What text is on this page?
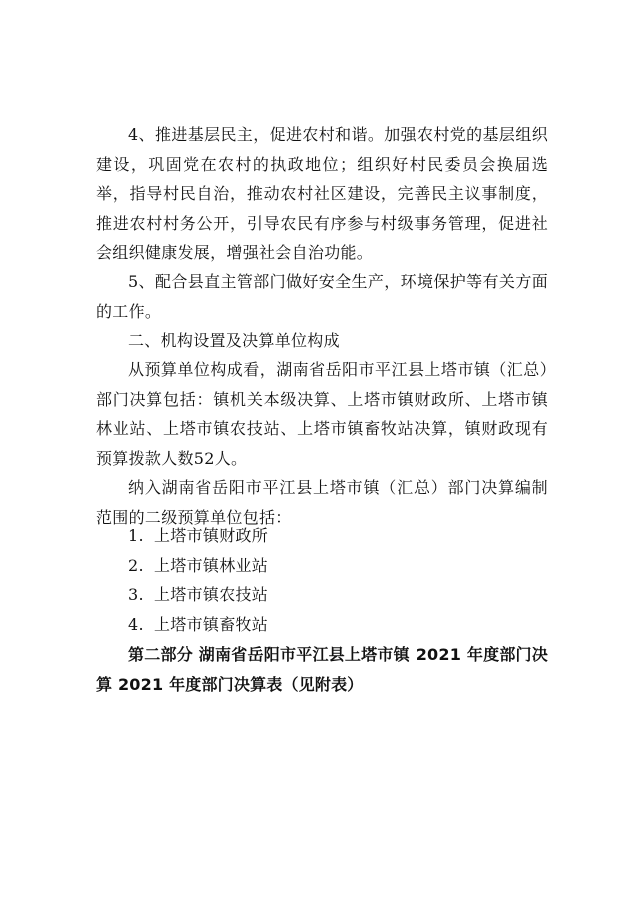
4、推进基层民主，促进农村和谐。加强农村党的基层组织建设，巩固党在农村的执政地位；组织好村民委员会换届选举，指导村民自治，推动农村社区建设，完善民主议事制度，推进农村村务公开，引导农民有序参与村级事务管理，促进社会组织健康发展，增强社会自治功能。

5、配合县直主管部门做好安全生产，环境保护等有关方面的工作。

二、机构设置及决算单位构成

从预算单位构成看，湖南省岳阳市平江县上塔市镇（汇总）部门决算包括：镇机关本级决算、上塔市镇财政所、上塔市镇林业站、上塔市镇农技站、上塔市镇畜牧站决算，镇财政现有预算拨款人数52人。

纳入湖南省岳阳市平江县上塔市镇（汇总）部门决算编制范围的二级预算单位包括：

1. 上塔市镇财政所
2. 上塔市镇林业站
3. 上塔市镇农技站
4. 上塔市镇畜牧站

第二部分 湖南省岳阳市平江县上塔市镇 2021 年度部门决算 2021 年度部门决算表（见附表）
